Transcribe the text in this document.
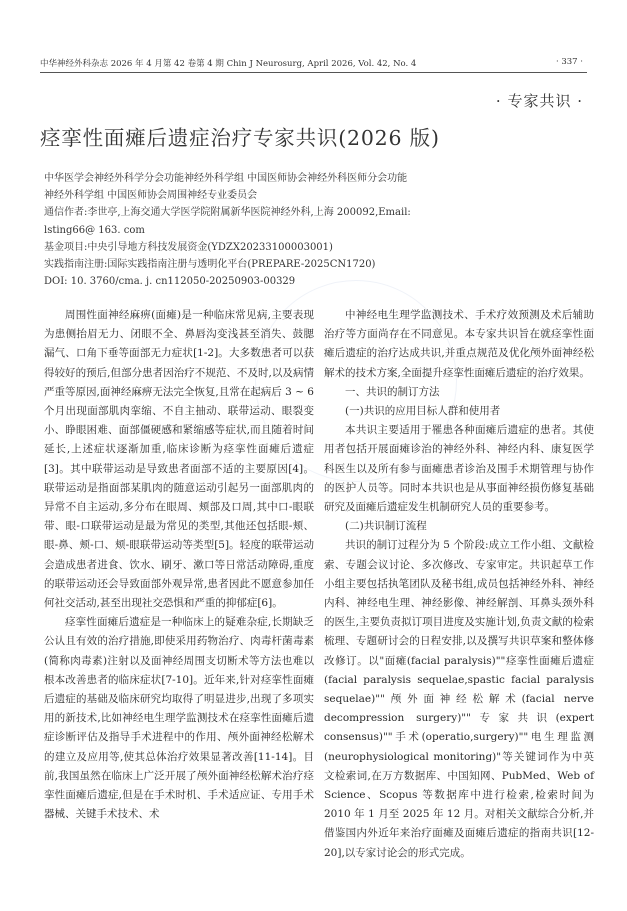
中华神经外科杂志 2026 年 4 月第 42 卷第 4 期 Chin J Neurosurg, April 2026, Vol. 42, No. 4	· 337 ·
· 专家共识 ·
痉挛性面瘫后遗症治疗专家共识(2026 版)
中华医学会神经外科学分会功能神经外科学组 中国医师协会神经外科医师分会功能
神经外科学组 中国医师协会周围神经专业委员会
通信作者:李世亭,上海交通大学医学院附属新华医院神经外科,上海 200092,Email:
lsting66@ 163. com
基金项目:中央引导地方科技发展资金(YDZX20233100003001)
实践指南注册:国际实践指南注册与透明化平台(PREPARE-2025CN1720)
DOI: 10. 3760/cma. j. cn112050-20250903-00329

周围性面神经麻痹(面瘫)是一种临床常见病,主要表现为患侧抬眉无力、闭眼不全、鼻唇沟变浅甚至消失、鼓腮漏气、口角下垂等面部无力症状[1-2]。大多数患者可以获得较好的预后,但部分患者因治疗不规范、不及时,以及病情严重等原因,面神经麻痹无法完全恢复,且常在起病后 3 ~ 6 个月出现面部肌肉挛缩、不自主抽动、联带运动、眼裂变小、睁眼困难、面部僵硬感和紧缩感等症状,而且随着时间延长,上述症状逐渐加重,临床诊断为痉挛性面瘫后遗症[3]。其中联带运动是导致患者面部不适的主要原因[4]。联带运动是指面部某肌肉的随意运动引起另一面部肌肉的异常不自主运动,多分布在眼周、颊部及口周,其中口-眼联带、眼-口联带运动是最为常见的类型,其他还包括眼-颊、眼-鼻、颊-口、颊-眼联带运动等类型[5]。轻度的联带运动会造成患者进食、饮水、刷牙、漱口等日常活动障碍,重度的联带运动还会导致面部外观异常,患者因此不愿意参加任何社交活动,甚至出现社交恐惧和严重的抑郁症[6]。

痉挛性面瘫后遗症是一种临床上的疑难杂症,长期缺乏公认且有效的治疗措施,即使采用药物治疗、肉毒杆菌毒素(简称肉毒素)注射以及面神经周围支切断术等方法也难以根本改善患者的临床症状[7-10]。近年来,针对痉挛性面瘫后遗症的基础及临床研究均取得了明显进步,出现了多项实用的新技术,比如神经电生理学监测技术在痉挛性面瘫后遗症诊断评估及指导手术进程中的作用、颅外面神经松解术的建立及应用等,使其总体治疗效果显著改善[11-14]。目前,我国虽然在临床上广泛开展了颅外面神经松解术治疗痉挛性面瘫后遗症,但是在手术时机、手术适应证、专用手术器械、关键手术技术、术

中神经电生理学监测技术、手术疗效预测及术后辅助治疗等方面尚存在不同意见。本专家共识旨在就痉挛性面瘫后遗症的治疗达成共识,并重点规范及优化颅外面神经松解术的技术方案,全面提升痉挛性面瘫后遗症的治疗效果。

一、共识的制订方法

(一)共识的应用目标人群和使用者

本共识主要适用于罹患各种面瘫后遗症的患者。其使用者包括开展面瘫诊治的神经外科、神经内科、康复医学科医生以及所有参与面瘫患者诊治及围手术期管理与协作的医护人员等。同时本共识也是从事面神经损伤修复基础研究及面瘫后遗症发生机制研究人员的重要参考。

(二)共识制订流程

共识的制订过程分为 5 个阶段:成立工作小组、文献检索、专题会议讨论、多次修改、专家审定。共识起草工作小组主要包括执笔团队及秘书组,成员包括神经外科、神经内科、神经电生理、神经影像、神经解剖、耳鼻头颈外科的医生,主要负责拟订项目进度及实施计划,负责文献的检索梳理、专题研讨会的日程安排,以及撰写共识草案和整体修改修订。以"面瘫(facial paralysis)""痉挛性面瘫后遗症(facial paralysis sequelae,spastic facial paralysis sequelae)""颅外面神经松解术(facial nerve decompression surgery)""专家共识(expert consensus)""手术(operatio,surgery)""电生理监测(neurophysiological monitoring)"等关键词作为中英文检索词,在万方数据库、中国知网、PubMed、Web of Science、Scopus 等数据库中进行检索,检索时间为 2010 年 1 月至 2025 年 12 月。对相关文献综合分析,并借鉴国内外近年来治疗面瘫及面瘫后遗症的指南共识[12-20],以专家讨论会的形式完成。
